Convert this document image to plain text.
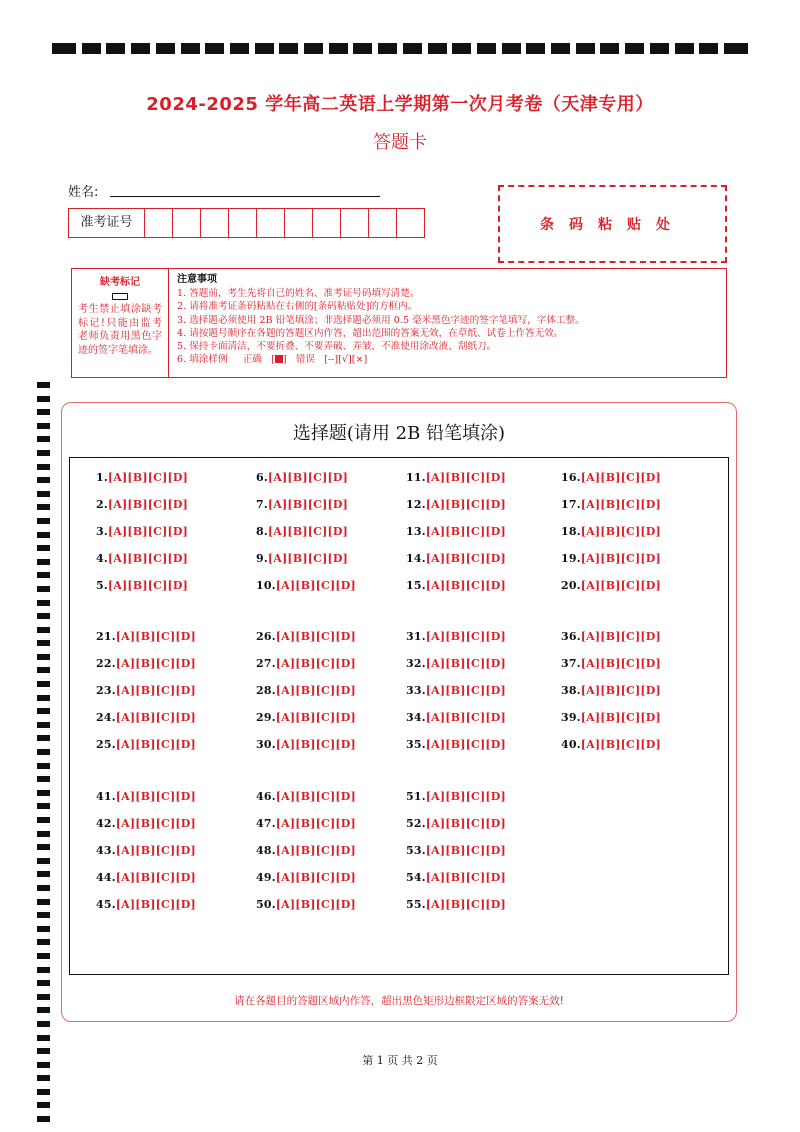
2024-2025 学年高二英语上学期第一次月考卷（天津专用）
答题卡
姓名:
准考证号	条码粘贴处
缺考标记
考生禁止填涂缺考标记!只能由监考老师负责用黑色字迹的签字笔填涂。
注意事项
1. 答题前，考生先将自己的姓名、准考证号码填写清楚。
2. 请将准考证条码粘贴在右侧的[条码粘贴处]的方框内。
3. 选择题必须使用 2B 铅笔填涂；非选择题必须用 0.5 毫米黑色字迹的签字笔填写，字体工整。
4. 请按题号顺序在各题的答题区内作答，超出范围的答案无效，在草纸、试卷上作答无效。
5. 保持卡面清洁，不要折叠、不要弄破、弄皱，不准使用涂改液、刮纸刀。
6. 填涂样例 正确 [ ] 错误 [--][√][×]
选择题(请用 2B 铅笔填涂)
1.[A][B][C][D]
2.[A][B][C][D]
3.[A][B][C][D]
4.[A][B][C][D]
5.[A][B][C][D]
6.[A][B][C][D]
7.[A][B][C][D]
8.[A][B][C][D]
9.[A][B][C][D]
10.[A][B][C][D]
11.[A][B][C][D]
12.[A][B][C][D]
13.[A][B][C][D]
14.[A][B][C][D]
15.[A][B][C][D]
16.[A][B][C][D]
17.[A][B][C][D]
18.[A][B][C][D]
19.[A][B][C][D]
20.[A][B][C][D]
21.[A][B][C][D]
22.[A][B][C][D]
23.[A][B][C][D]
24.[A][B][C][D]
25.[A][B][C][D]
26.[A][B][C][D]
27.[A][B][C][D]
28.[A][B][C][D]
29.[A][B][C][D]
30.[A][B][C][D]
31.[A][B][C][D]
32.[A][B][C][D]
33.[A][B][C][D]
34.[A][B][C][D]
35.[A][B][C][D]
36.[A][B][C][D]
37.[A][B][C][D]
38.[A][B][C][D]
39.[A][B][C][D]
40.[A][B][C][D]
41.[A][B][C][D]
42.[A][B][C][D]
43.[A][B][C][D]
44.[A][B][C][D]
45.[A][B][C][D]
46.[A][B][C][D]
47.[A][B][C][D]
48.[A][B][C][D]
49.[A][B][C][D]
50.[A][B][C][D]
51.[A][B][C][D]
52.[A][B][C][D]
53.[A][B][C][D]
54.[A][B][C][D]
55.[A][B][C][D]
请在各题目的答题区域内作答，超出黑色矩形边框限定区域的答案无效!
第 1 页 共 2 页
